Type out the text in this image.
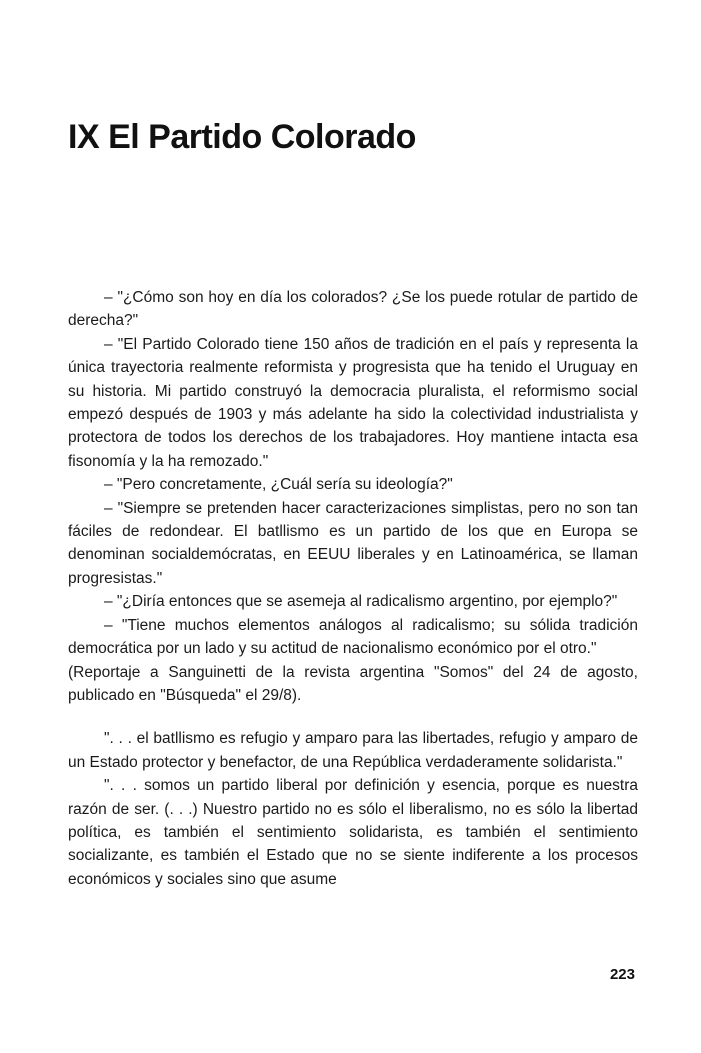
IX El Partido Colorado

– "¿Cómo son hoy en día los colorados? ¿Se los puede rotular de partido de derecha?"

– "El Partido Colorado tiene 150 años de tradición en el país y representa la única trayectoria realmente reformista y progresista que ha tenido el Uruguay en su historia. Mi partido construyó la democracia pluralista, el reformismo social empezó después de 1903 y más adelante ha sido la colectividad industrialista y protectora de todos los derechos de los trabajadores. Hoy mantiene intacta esa fisonomía y la ha remozado."

– "Pero concretamente, ¿Cuál sería su ideología?"

– "Siempre se pretenden hacer caracterizaciones simplistas, pero no son tan fáciles de redondear. El batllismo es un partido de los que en Europa se denominan socialdemócratas, en EEUU liberales y en Latinoamérica, se llaman progresistas."

– "¿Diría entonces que se asemeja al radicalismo argentino, por ejemplo?"

– "Tiene muchos elementos análogos al radicalismo; su sólida tradición democrática por un lado y su actitud de nacionalismo económico por el otro."

(Reportaje a Sanguinetti de la revista argentina "Somos" del 24 de agosto, publicado en "Búsqueda" el 29/8).

". . . el batllismo es refugio y amparo para las libertades, refugio y amparo de un Estado protector y benefactor, de una República verdaderamente solidarista."

". . . somos un partido liberal por definición y esencia, porque es nuestra razón de ser. (. . .) Nuestro partido no es sólo el liberalismo, no es sólo la libertad política, es también el sentimiento solidarista, es también el sentimiento socializante, es también el Estado que no se siente indiferente a los procesos económicos y sociales sino que asume

223
